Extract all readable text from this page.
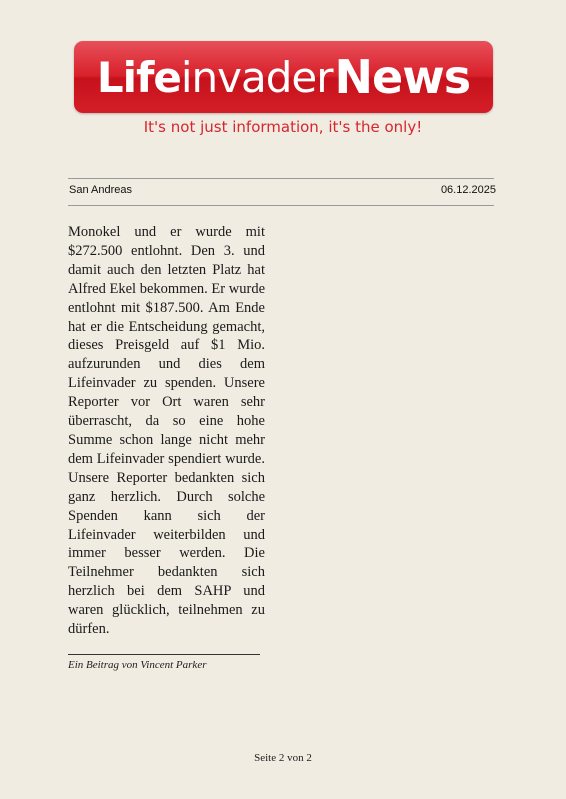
Life invader News
It's not just information, it's the only!
San Andreas	06.12.2025

Monokel und er wurde mit $272.500 entlohnt. Den 3. und damit auch den letzten Platz hat Alfred Ekel bekommen. Er wurde entlohnt mit $187.500. Am Ende hat er die Entscheidung gemacht, dieses Preisgeld auf $1 Mio. aufzurunden und dies dem Lifeinvader zu spenden. Unsere Reporter vor Ort waren sehr überrascht, da so eine hohe Summe schon lange nicht mehr dem Lifeinvader spendiert wurde. Unsere Reporter bedankten sich ganz herzlich. Durch solche Spenden kann sich der Lifeinvader weiterbilden und immer besser werden. Die Teilnehmer bedankten sich herzlich bei dem SAHP und waren glücklich, teilnehmen zu dürfen.

Ein Beitrag von Vincent Parker
Seite 2 von 2
